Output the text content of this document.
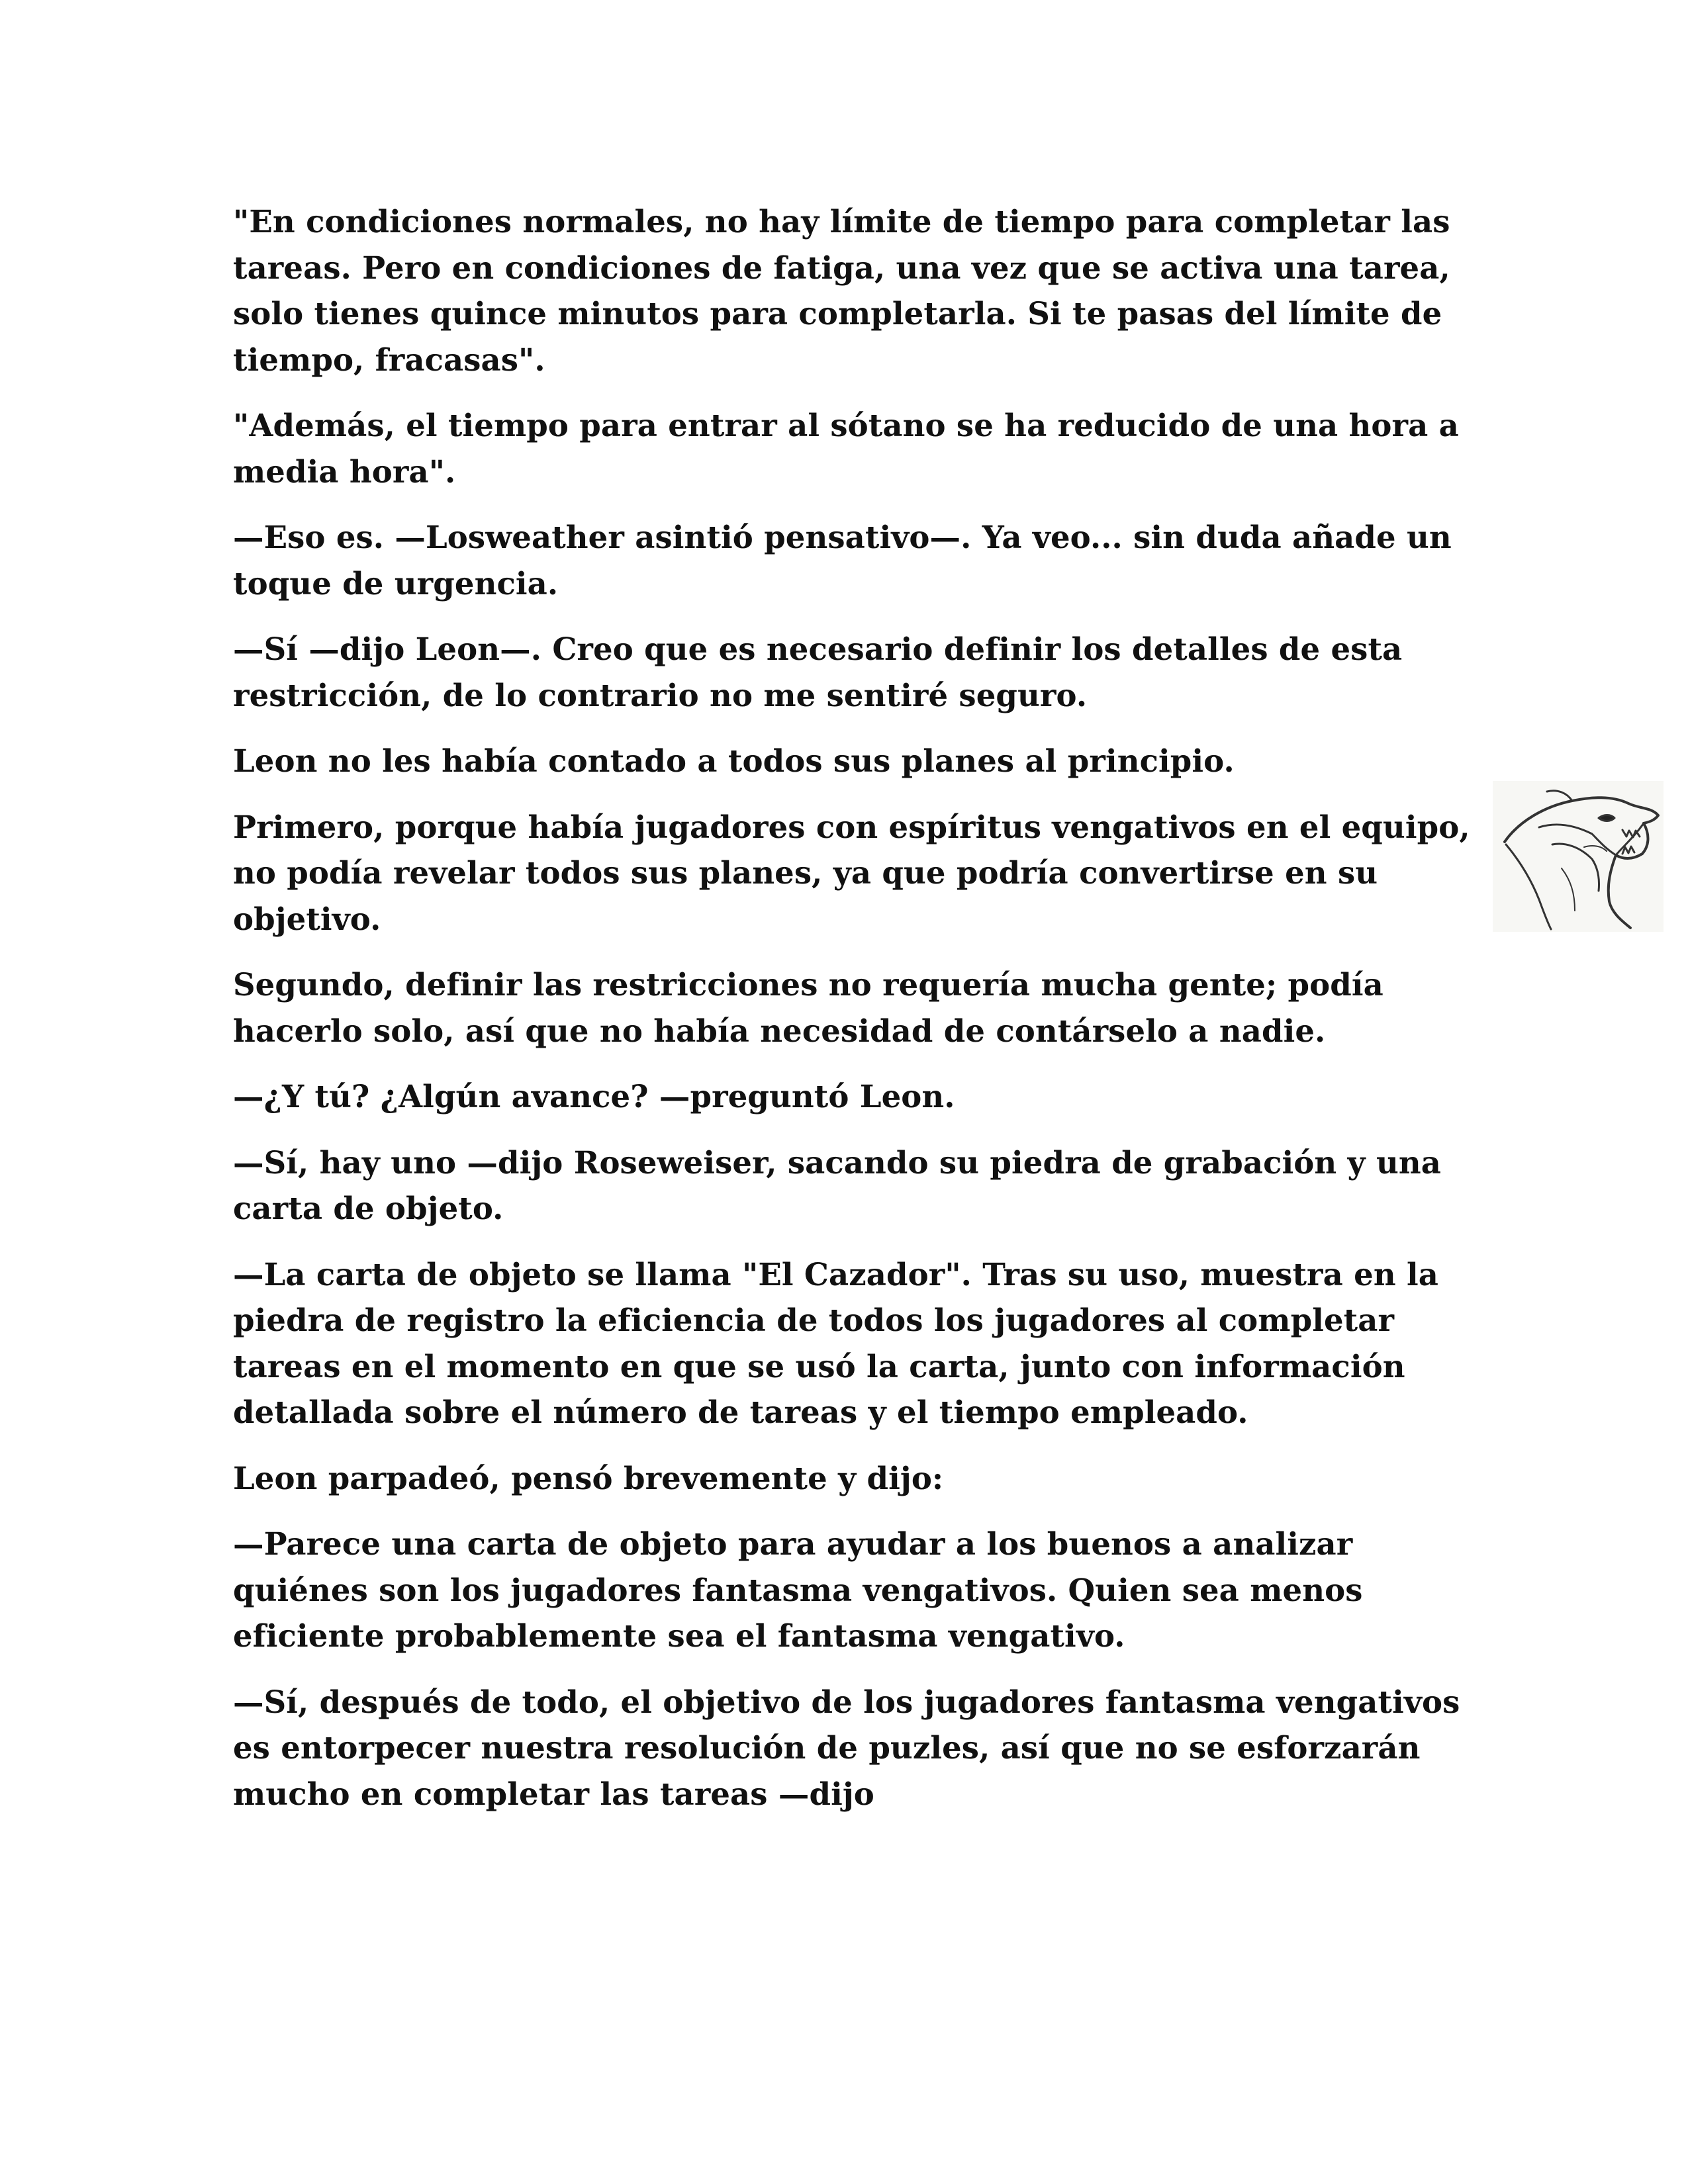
"En condiciones normales, no hay límite de tiempo para completar las tareas. Pero en condiciones de fatiga, una vez que se activa una tarea, solo tienes quince minutos para completarla. Si te pasas del límite de tiempo, fracasas".

"Además, el tiempo para entrar al sótano se ha reducido de una hora a media hora".

—Eso es. —Losweather asintió pensativo—. Ya veo... sin duda añade un toque de urgencia.

—Sí —dijo Leon—. Creo que es necesario definir los detalles de esta restricción, de lo contrario no me sentiré seguro.

Leon no les había contado a todos sus planes al principio.

Primero, porque había jugadores con espíritus vengativos en el equipo, no podía revelar todos sus planes, ya que podría convertirse en su objetivo.

Segundo, definir las restricciones no requería mucha gente; podía hacerlo solo, así que no había necesidad de contárselo a nadie.

—¿Y tú? ¿Algún avance? —preguntó Leon.

—Sí, hay uno —dijo Roseweiser, sacando su piedra de grabación y una carta de objeto.

—La carta de objeto se llama "El Cazador". Tras su uso, muestra en la piedra de registro la eficiencia de todos los jugadores al completar tareas en el momento en que se usó la carta, junto con información detallada sobre el número de tareas y el tiempo empleado.

Leon parpadeó, pensó brevemente y dijo:

—Parece una carta de objeto para ayudar a los buenos a analizar quiénes son los jugadores fantasma vengativos. Quien sea menos eficiente probablemente sea el fantasma vengativo.

—Sí, después de todo, el objetivo de los jugadores fantasma vengativos es entorpecer nuestra resolución de puzles, así que no se esforzarán mucho en completar las tareas —dijo
